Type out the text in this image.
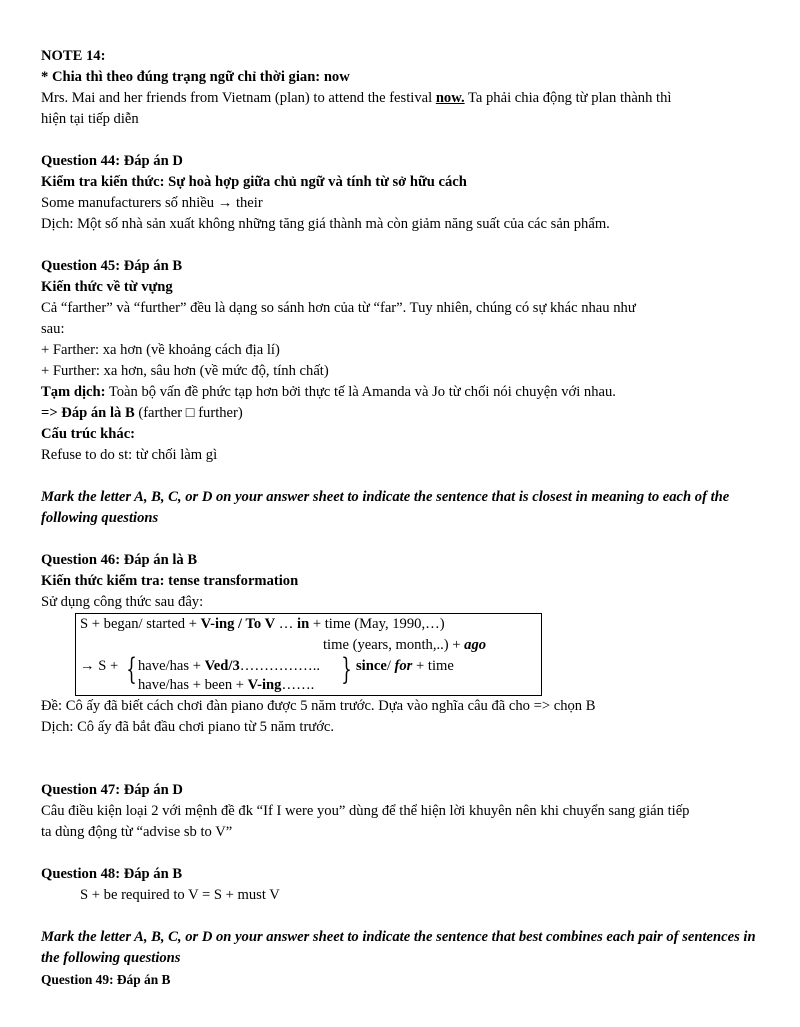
NOTE 14:
* Chia thì theo đúng trạng ngữ chỉ thời gian: now
Mrs. Mai and her friends from Vietnam (plan) to attend the festival now. Ta phải chia động từ plan thành thì
hiện tại tiếp diễn
Question 44: Đáp án D
Kiểm tra kiến thức: Sự hoà hợp giữa chủ ngữ và tính từ sở hữu cách
Some manufacturers số nhiều → their
Dịch: Một số nhà sản xuất không những tăng giá thành mà còn giảm năng suất của các sản phẩm.
Question 45: Đáp án B
Kiến thức về từ vựng
Cả “farther” và “further” đều là dạng so sánh hơn của từ “far”. Tuy nhiên, chúng có sự khác nhau như
sau:
+ Farther: xa hơn (về khoảng cách địa lí)
+ Further: xa hơn, sâu hơn (về mức độ, tính chất)
Tạm dịch: Toàn bộ vấn đề phức tạp hơn bởi thực tế là Amanda và Jo từ chối nói chuyện với nhau.
=> Đáp án là B (farther □ further)
Cấu trúc khác:
Refuse to do st: từ chối làm gì
Mark the letter A, B, C, or D on your answer sheet to indicate the sentence that is closest in meaning to each of the following questions
Question 46: Đáp án là B
Kiến thức kiểm tra: tense transformation
Sử dụng công thức sau đây:
S + began/ started + V-ing / To V … in + time (May, 1990,…)
time (years, month,..) + ago
→ S + { have/has + Ved/3…………….. } since/ for + time
have/has + been + V-ing…….
Đề: Cô ấy đã biết cách chơi đàn piano được 5 năm trước. Dựa vào nghĩa câu đã cho => chọn B
Dịch: Cô ấy đã bắt đầu chơi piano từ 5 năm trước.
Question 47: Đáp án D
Câu điều kiện loại 2 với mệnh đề đk “If I were you” dùng để thể hiện lời khuyên nên khi chuyển sang gián tiếp
ta dùng động từ “advise sb to V”
Question 48: Đáp án B
S + be required to V = S + must V
Mark the letter A, B, C, or D on your answer sheet to indicate the sentence that best combines each pair of sentences in the following questions
Question 49: Đáp án B
